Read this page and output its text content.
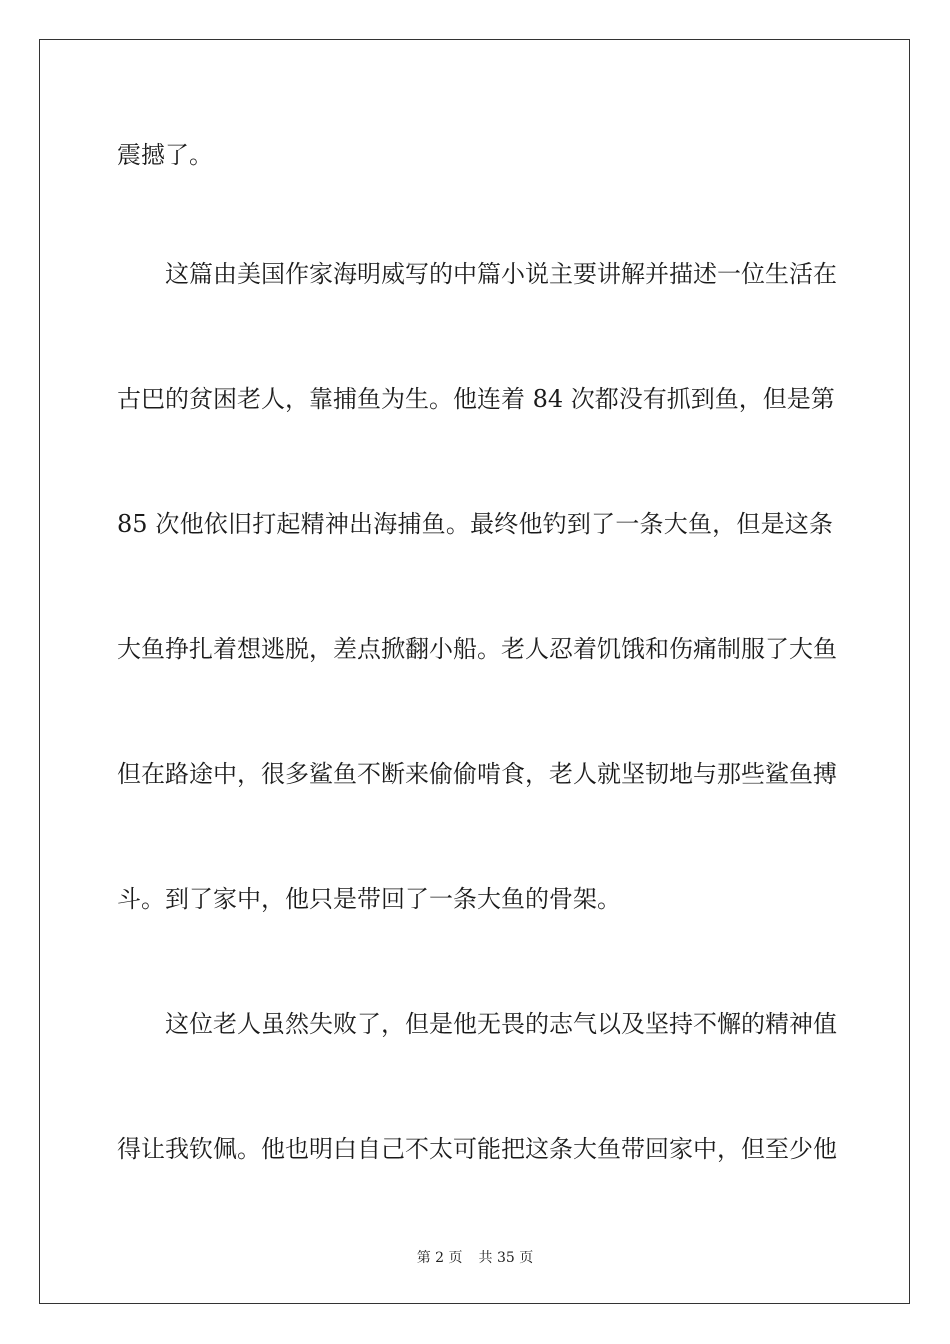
震撼了。
　　这篇由美国作家海明威写的中篇小说主要讲解并描述一位生活在
古巴的贫困老人，靠捕鱼为生。他连着 84 次都没有抓到鱼，但是第
85 次他依旧打起精神出海捕鱼。最终他钓到了一条大鱼，但是这条
大鱼挣扎着想逃脱，差点掀翻小船。老人忍着饥饿和伤痛制服了大鱼
但在路途中，很多鲨鱼不断来偷偷啃食，老人就坚韧地与那些鲨鱼搏
斗。到了家中，他只是带回了一条大鱼的骨架。
　　这位老人虽然失败了，但是他无畏的志气以及坚持不懈的精神值
得让我钦佩。他也明白自己不太可能把这条大鱼带回家中，但至少他
第 2 页 共 35 页
